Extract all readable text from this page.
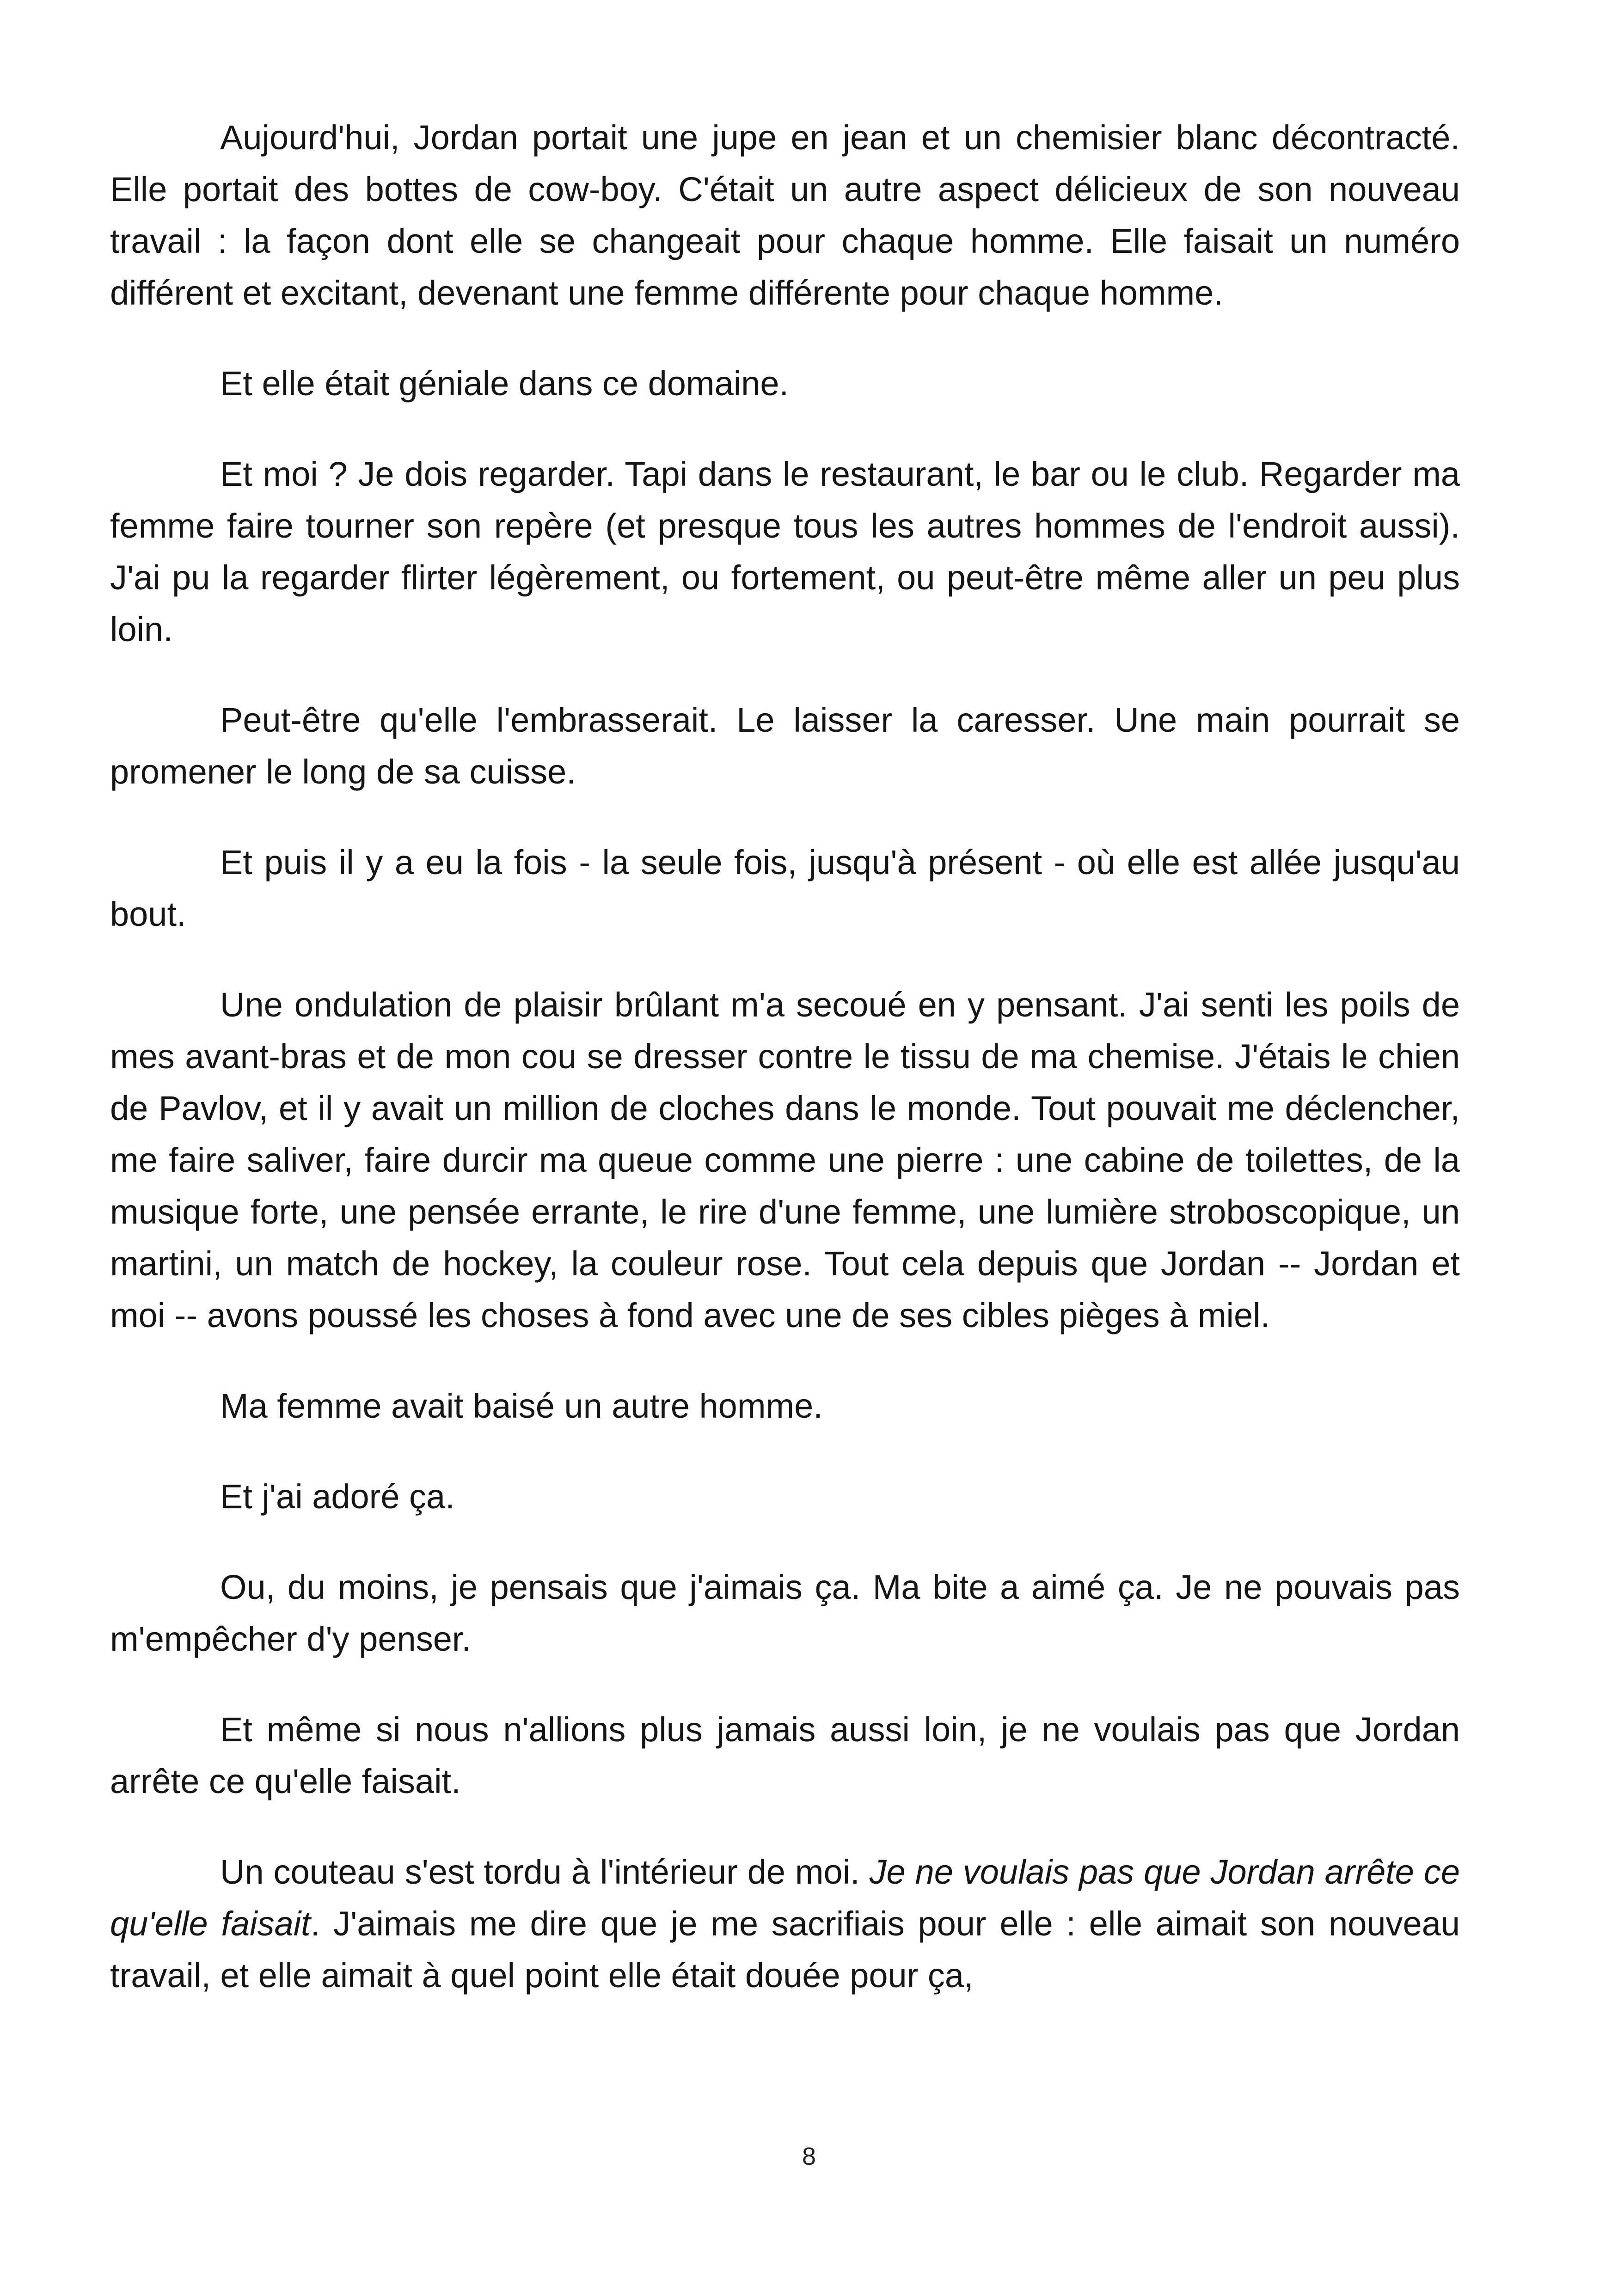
Aujourd'hui, Jordan portait une jupe en jean et un chemisier blanc décontracté. Elle portait des bottes de cow-boy. C'était un autre aspect délicieux de son nouveau travail : la façon dont elle se changeait pour chaque homme. Elle faisait un numéro différent et excitant, devenant une femme différente pour chaque homme.

Et elle était géniale dans ce domaine.

Et moi ? Je dois regarder. Tapi dans le restaurant, le bar ou le club. Regarder ma femme faire tourner son repère (et presque tous les autres hommes de l'endroit aussi). J'ai pu la regarder flirter légèrement, ou fortement, ou peut-être même aller un peu plus loin.

Peut-être qu'elle l'embrasserait. Le laisser la caresser. Une main pourrait se promener le long de sa cuisse.

Et puis il y a eu la fois - la seule fois, jusqu'à présent - où elle est allée jusqu'au bout.

Une ondulation de plaisir brûlant m'a secoué en y pensant. J'ai senti les poils de mes avant-bras et de mon cou se dresser contre le tissu de ma chemise. J'étais le chien de Pavlov, et il y avait un million de cloches dans le monde. Tout pouvait me déclencher, me faire saliver, faire durcir ma queue comme une pierre : une cabine de toilettes, de la musique forte, une pensée errante, le rire d'une femme, une lumière stroboscopique, un martini, un match de hockey, la couleur rose. Tout cela depuis que Jordan -- Jordan et moi -- avons poussé les choses à fond avec une de ses cibles pièges à miel.

Ma femme avait baisé un autre homme.

Et j'ai adoré ça.

Ou, du moins, je pensais que j'aimais ça. Ma bite a aimé ça. Je ne pouvais pas m'empêcher d'y penser.

Et même si nous n'allions plus jamais aussi loin, je ne voulais pas que Jordan arrête ce qu'elle faisait.

Un couteau s'est tordu à l'intérieur de moi. Je ne voulais pas que Jordan arrête ce qu'elle faisait. J'aimais me dire que je me sacrifiais pour elle : elle aimait son nouveau travail, et elle aimait à quel point elle était douée pour ça,

8
